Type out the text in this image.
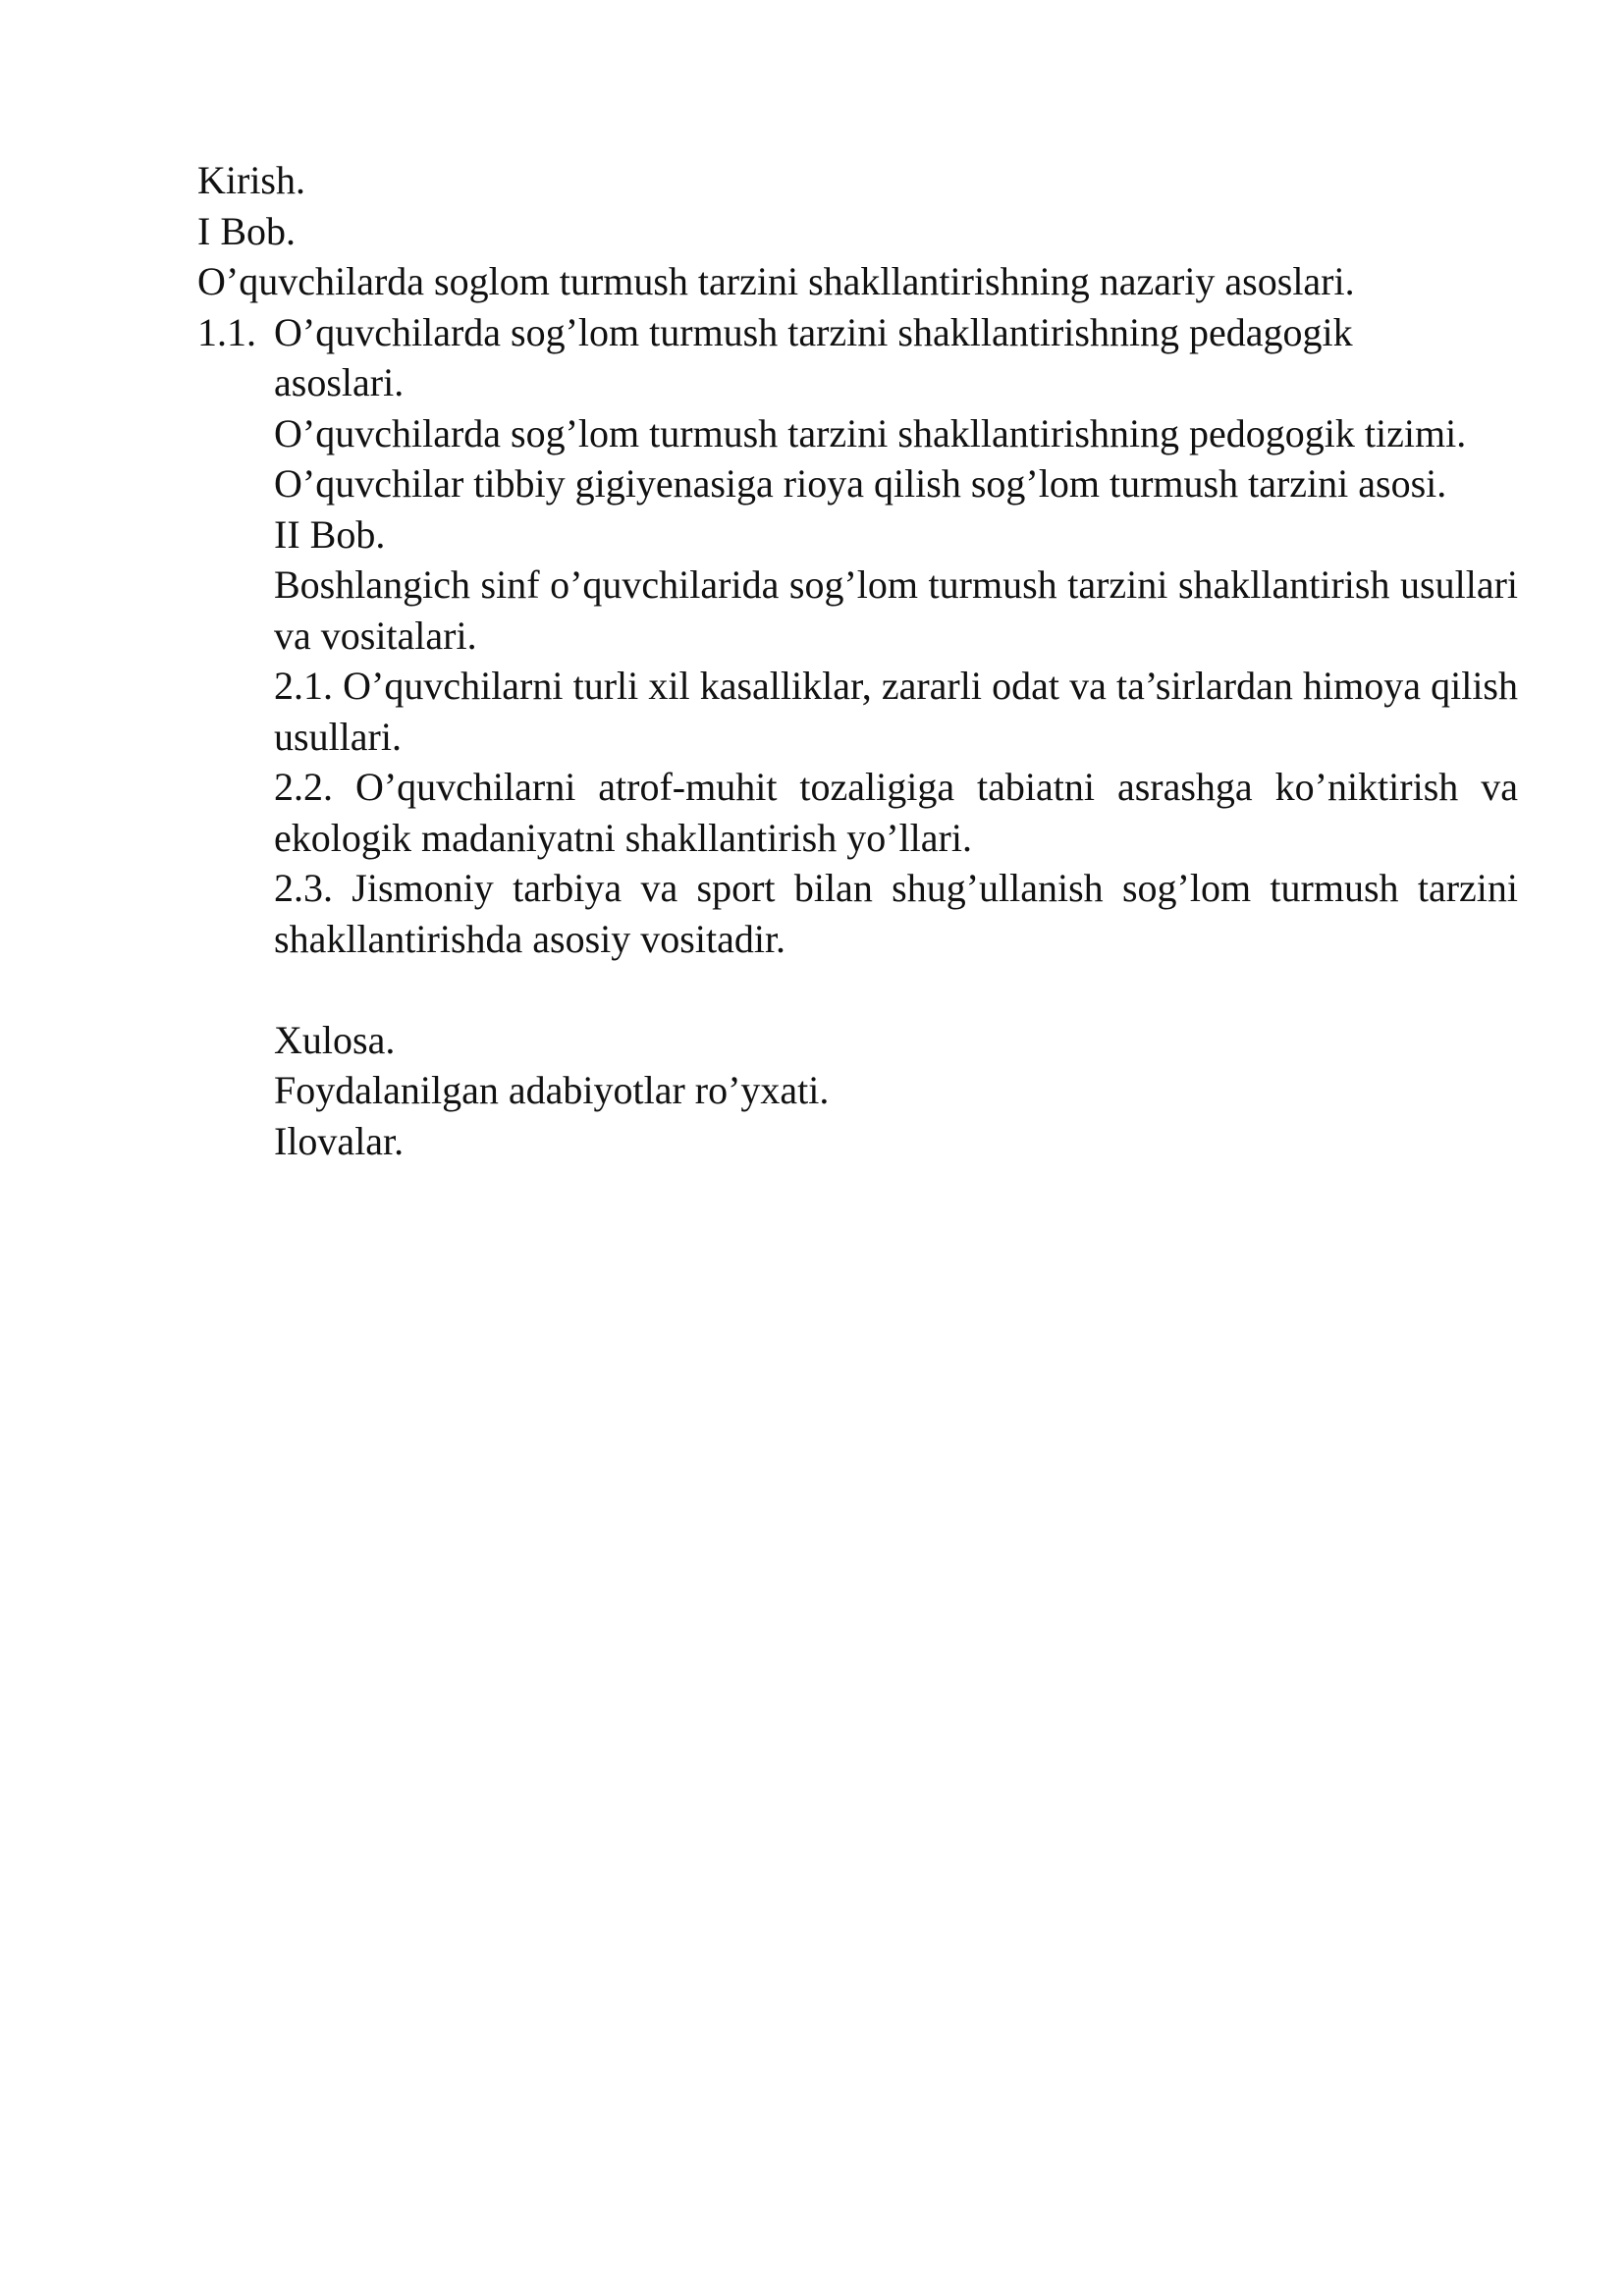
Kirish.
I Bob.
O’quvchilarda soglom turmush tarzini shakllantirishning nazariy asoslari.
1.1. O’quvchilarda sog’lom turmush tarzini shakllantirishning pedagogik
asoslari.
O’quvchilarda sog’lom turmush tarzini shakllantirishning pedogogik tizimi.
O’quvchilar tibbiy gigiyenasiga rioya qilish sog’lom turmush tarzini asosi.
II Bob.
Boshlangich sinf o’quvchilarida sog’lom turmush tarzini shakllantirish usullari va vositalari.
2.1. O’quvchilarni turli xil kasalliklar, zararli odat va ta’sirlardan himoya qilish usullari.
2.2. O’quvchilarni atrof-muhit tozaligiga tabiatni asrashga ko’niktirish va ekologik madaniyatni shakllantirish yo’llari.
2.3. Jismoniy tarbiya va sport bilan shug’ullanish sog’lom turmush tarzini shakllantirishda asosiy vositadir.
Xulosa.
Foydalanilgan adabiyotlar ro’yxati.
Ilovalar.
